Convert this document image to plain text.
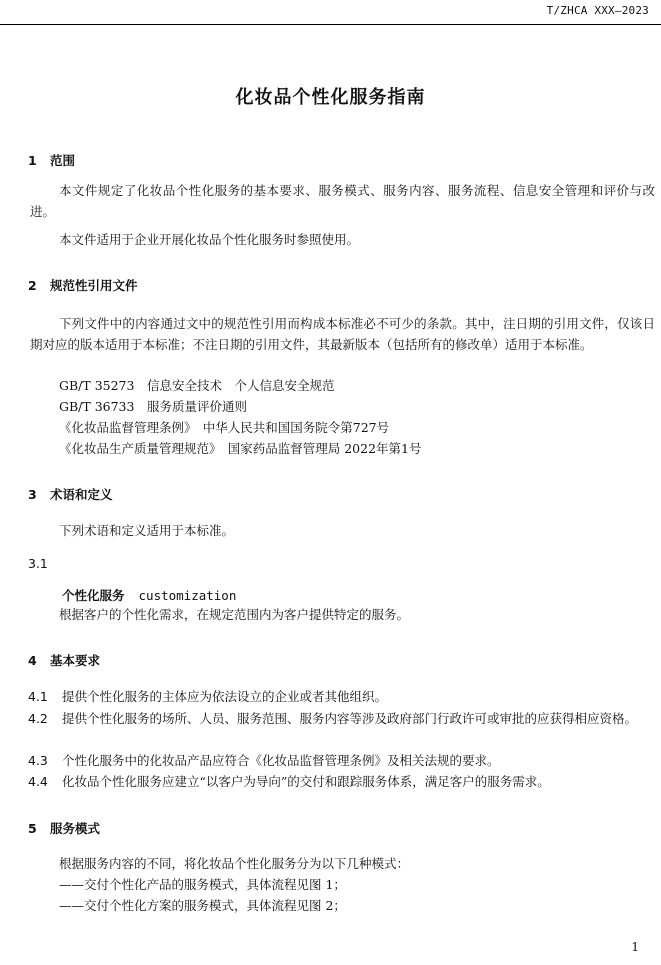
T/ZHCA XXX—2023
化妆品个性化服务指南
1 范围
本文件规定了化妆品个性化服务的基本要求、服务模式、服务内容、服务流程、信息安全管理和评价与改进。
本文件适用于企业开展化妆品个性化服务时参照使用。
2 规范性引用文件
下列文件中的内容通过文中的规范性引用而构成本标准必不可少的条款。其中，注日期的引用文件，仅该日期对应的版本适用于本标准；不注日期的引用文件，其最新版本（包括所有的修改单）适用于本标准。
GB/T 35273　信息安全技术　个人信息安全规范
GB/T 36733　服务质量评价通则
《化妆品监督管理条例》　中华人民共和国国务院令第727号
《化妆品生产质量管理规范》　国家药品监督管理局 2022年第1号
3 术语和定义
下列术语和定义适用于本标准。
3.1
个性化服务 customization
根据客户的个性化需求，在规定范围内为客户提供特定的服务。
4 基本要求
4.1 提供个性化服务的主体应为依法设立的企业或者其他组织。
4.2 提供个性化服务的场所、人员、服务范围、服务内容等涉及政府部门行政许可或审批的应获得相应资格。
4.3 个性化服务中的化妆品产品应符合《化妆品监督管理条例》及相关法规的要求。
4.4 化妆品个性化服务应建立“以客户为导向”的交付和跟踪服务体系，满足客户的服务需求。
5 服务模式
根据服务内容的不同，将化妆品个性化服务分为以下几种模式：
——交付个性化产品的服务模式，具体流程见图 1；
——交付个性化方案的服务模式，具体流程见图 2；
1
